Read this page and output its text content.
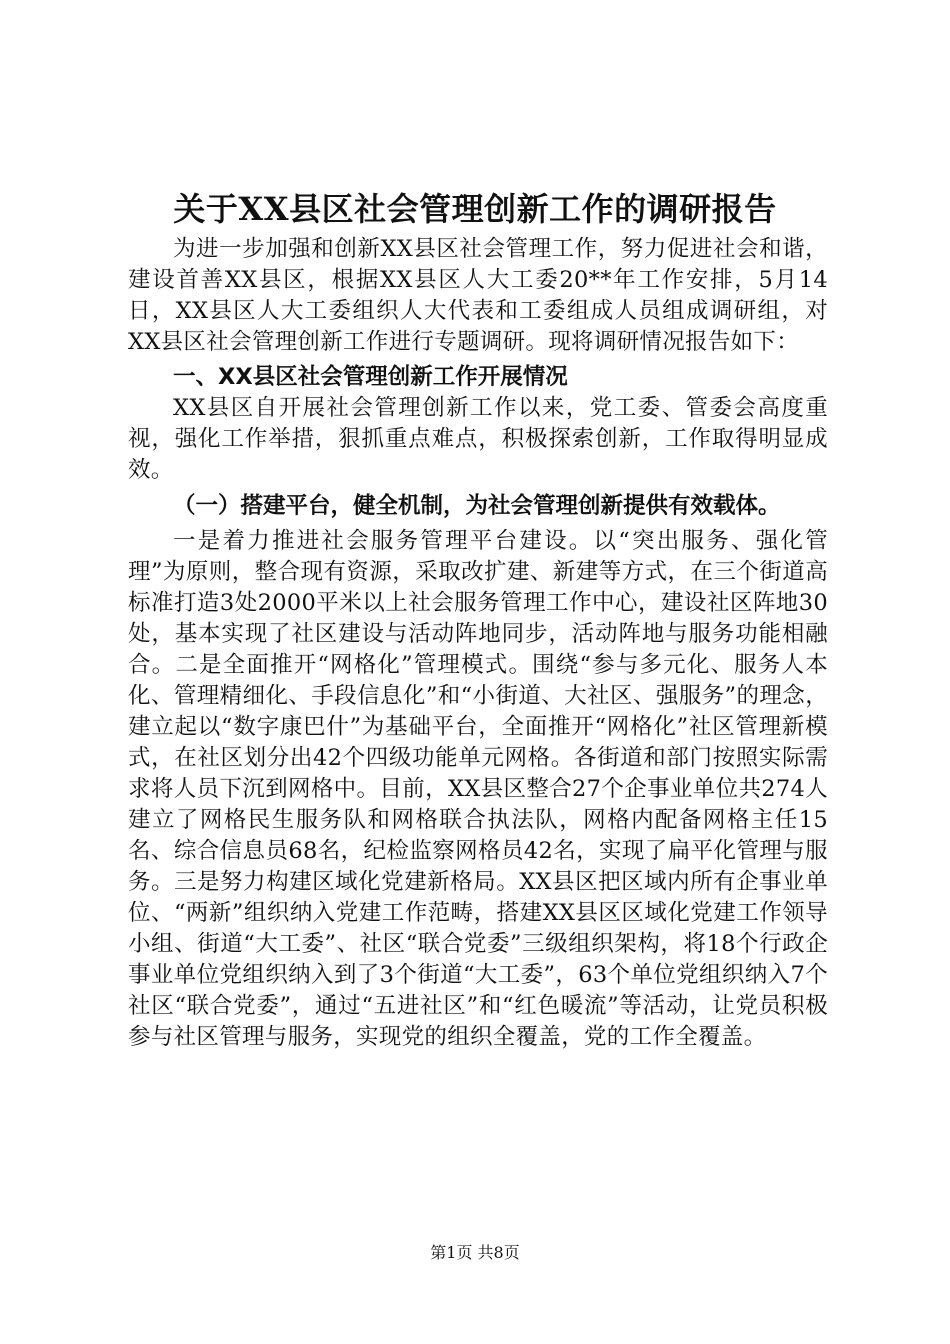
关于XX县区社会管理创新工作的调研报告

为进一步加强和创新XX县区社会管理工作，努力促进社会和谐，建设首善XX县区，根据XX县区人大工委20**年工作安排，5月14日，XX县区人大工委组织人大代表和工委组成人员组成调研组，对XX县区社会管理创新工作进行专题调研。现将调研情况报告如下：

一、XX县区社会管理创新工作开展情况

XX县区自开展社会管理创新工作以来，党工委、管委会高度重视，强化工作举措，狠抓重点难点，积极探索创新，工作取得明显成效。

（一）搭建平台，健全机制，为社会管理创新提供有效载体。

一是着力推进社会服务管理平台建设。以“突出服务、强化管理”为原则，整合现有资源，采取改扩建、新建等方式，在三个街道高标准打造3处2000平米以上社会服务管理工作中心，建设社区阵地30处，基本实现了社区建设与活动阵地同步，活动阵地与服务功能相融合。二是全面推开“网格化”管理模式。围绕“参与多元化、服务人本化、管理精细化、手段信息化”和“小街道、大社区、强服务”的理念，建立起以“数字康巴什”为基础平台，全面推开“网格化”社区管理新模式，在社区划分出42个四级功能单元网格。各街道和部门按照实际需求将人员下沉到网格中。目前，XX县区整合27个企事业单位共274人建立了网格民生服务队和网格联合执法队，网格内配备网格主任15名、综合信息员68名，纪检监察网格员42名，实现了扁平化管理与服务。三是努力构建区域化党建新格局。XX县区把区域内所有企事业单位、“两新”组织纳入党建工作范畴，搭建XX县区区域化党建工作领导小组、街道“大工委”、社区“联合党委”三级组织架构，将18个行政企事业单位党组织纳入到了3个街道“大工委”，63个单位党组织纳入7个社区“联合党委”，通过“五进社区”和“红色暖流”等活动，让党员积极参与社区管理与服务，实现党的组织全覆盖，党的工作全覆盖。

第1页 共8页
